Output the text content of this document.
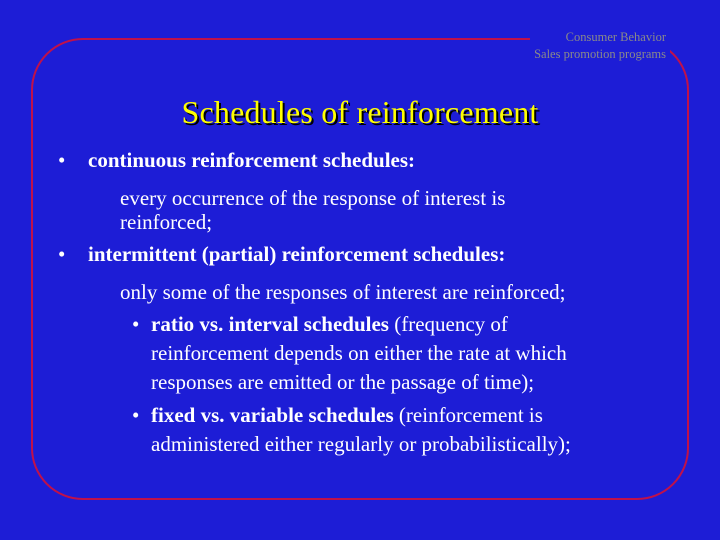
Consumer Behavior
Sales promotion programs
Schedules of reinforcement
• continuous reinforcement schedules:
every occurrence of the response of interest is
reinforced;
• intermittent (partial) reinforcement schedules:
only some of the responses of interest are reinforced;
• ratio vs. interval schedules (frequency of
reinforcement depends on either the rate at which
responses are emitted or the passage of time);
• fixed vs. variable schedules (reinforcement is
administered either regularly or probabilistically);
